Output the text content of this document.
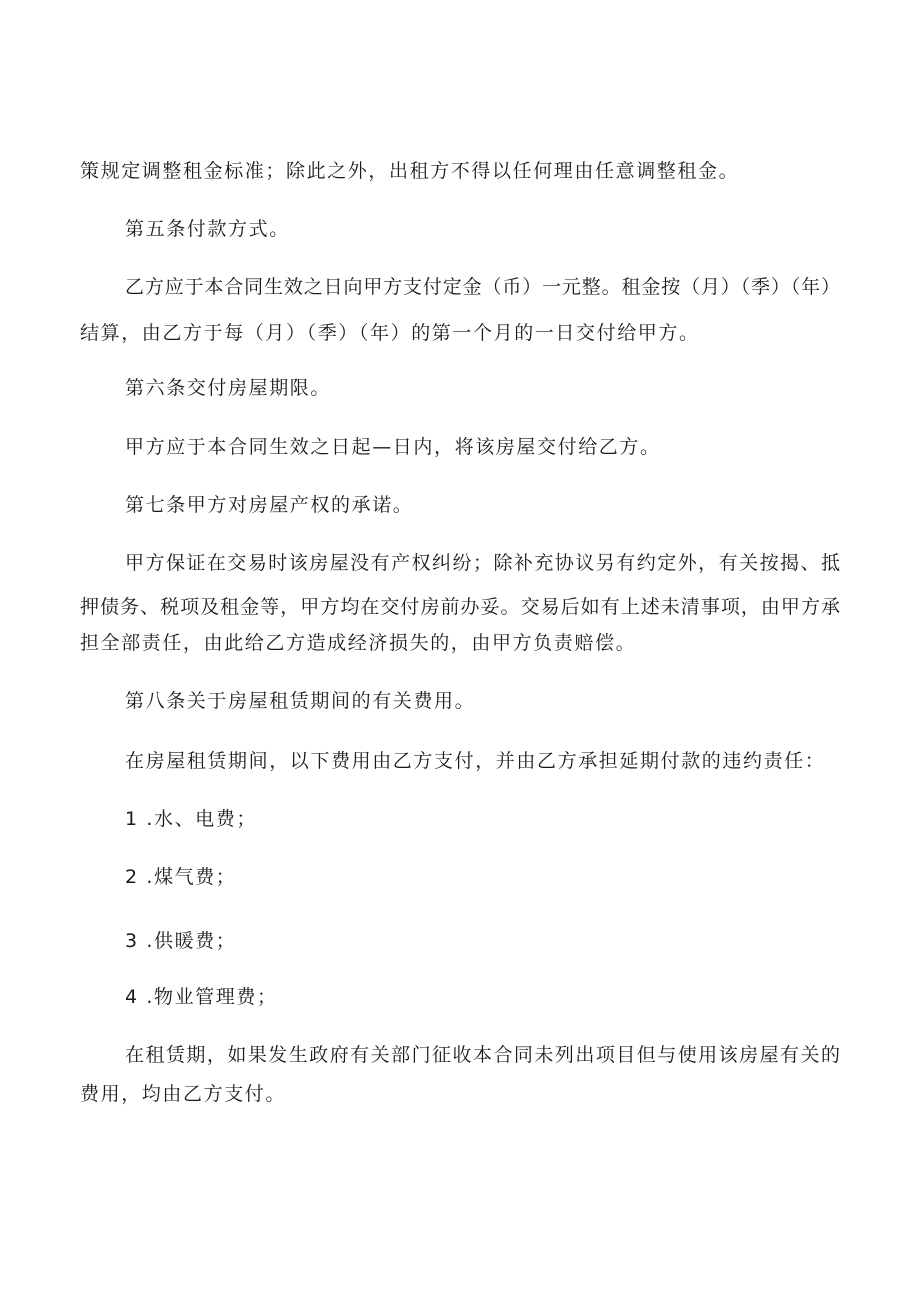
策规定调整租金标准；除此之外，出租方不得以任何理由任意调整租金。
第五条付款方式。
乙方应于本合同生效之日向甲方支付定金（币）一元整。租金按（月）（季）（年）
结算，由乙方于每（月）（季）（年）的第一个月的一日交付给甲方。
第六条交付房屋期限。
甲方应于本合同生效之日起—日内，将该房屋交付给乙方。
第七条甲方对房屋产权的承诺。
甲方保证在交易时该房屋没有产权纠纷；除补充协议另有约定外，有关按揭、抵
押债务、税项及租金等，甲方均在交付房前办妥。交易后如有上述未清事项，由甲方承
担全部责任，由此给乙方造成经济损失的，由甲方负责赔偿。
第八条关于房屋租赁期间的有关费用。
在房屋租赁期间，以下费用由乙方支付，并由乙方承担延期付款的违约责任：
1 .水、电费；
2 .煤气费；
3 .供暖费；
4 .物业管理费；
在租赁期，如果发生政府有关部门征收本合同未列出项目但与使用该房屋有关的
费用，均由乙方支付。
